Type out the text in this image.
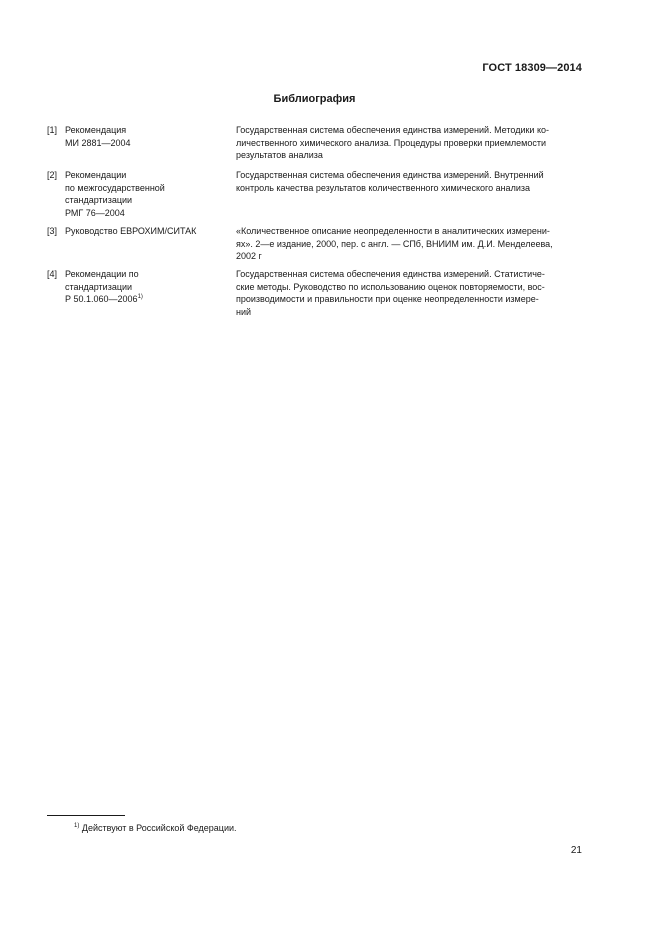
ГОСТ 18309—2014
Библиография
[1] Рекомендация
МИ 2881—2004
Государственная система обеспечения единства измерений. Методики ко-
личественного химического анализа. Процедуры проверки приемлемости
результатов анализа
[2] Рекомендации
по межгосударственной
стандартизации
РМГ 76—2004
Государственная система обеспечения единства измерений. Внутренний
контроль качества результатов количественного химического анализа
[3] Руководство ЕВРОХИМ/СИТАК	«Количественное описание неопределенности в аналитических измерени-
ях». 2—е издание, 2000, пер. с англ. — СПб, ВНИИМ им. Д.И. Менделеева,
2002 г
[4] Рекомендации по
стандартизации
Р 50.1.060—2006$^{1)}$
Государственная система обеспечения единства измерений. Статистиче-
ские методы. Руководство по использованию оценок повторяемости, вос-
производимости и правильности при оценке неопределенности измере-
ний
$^{1)}$ Действуют в Российской Федерации.
21
